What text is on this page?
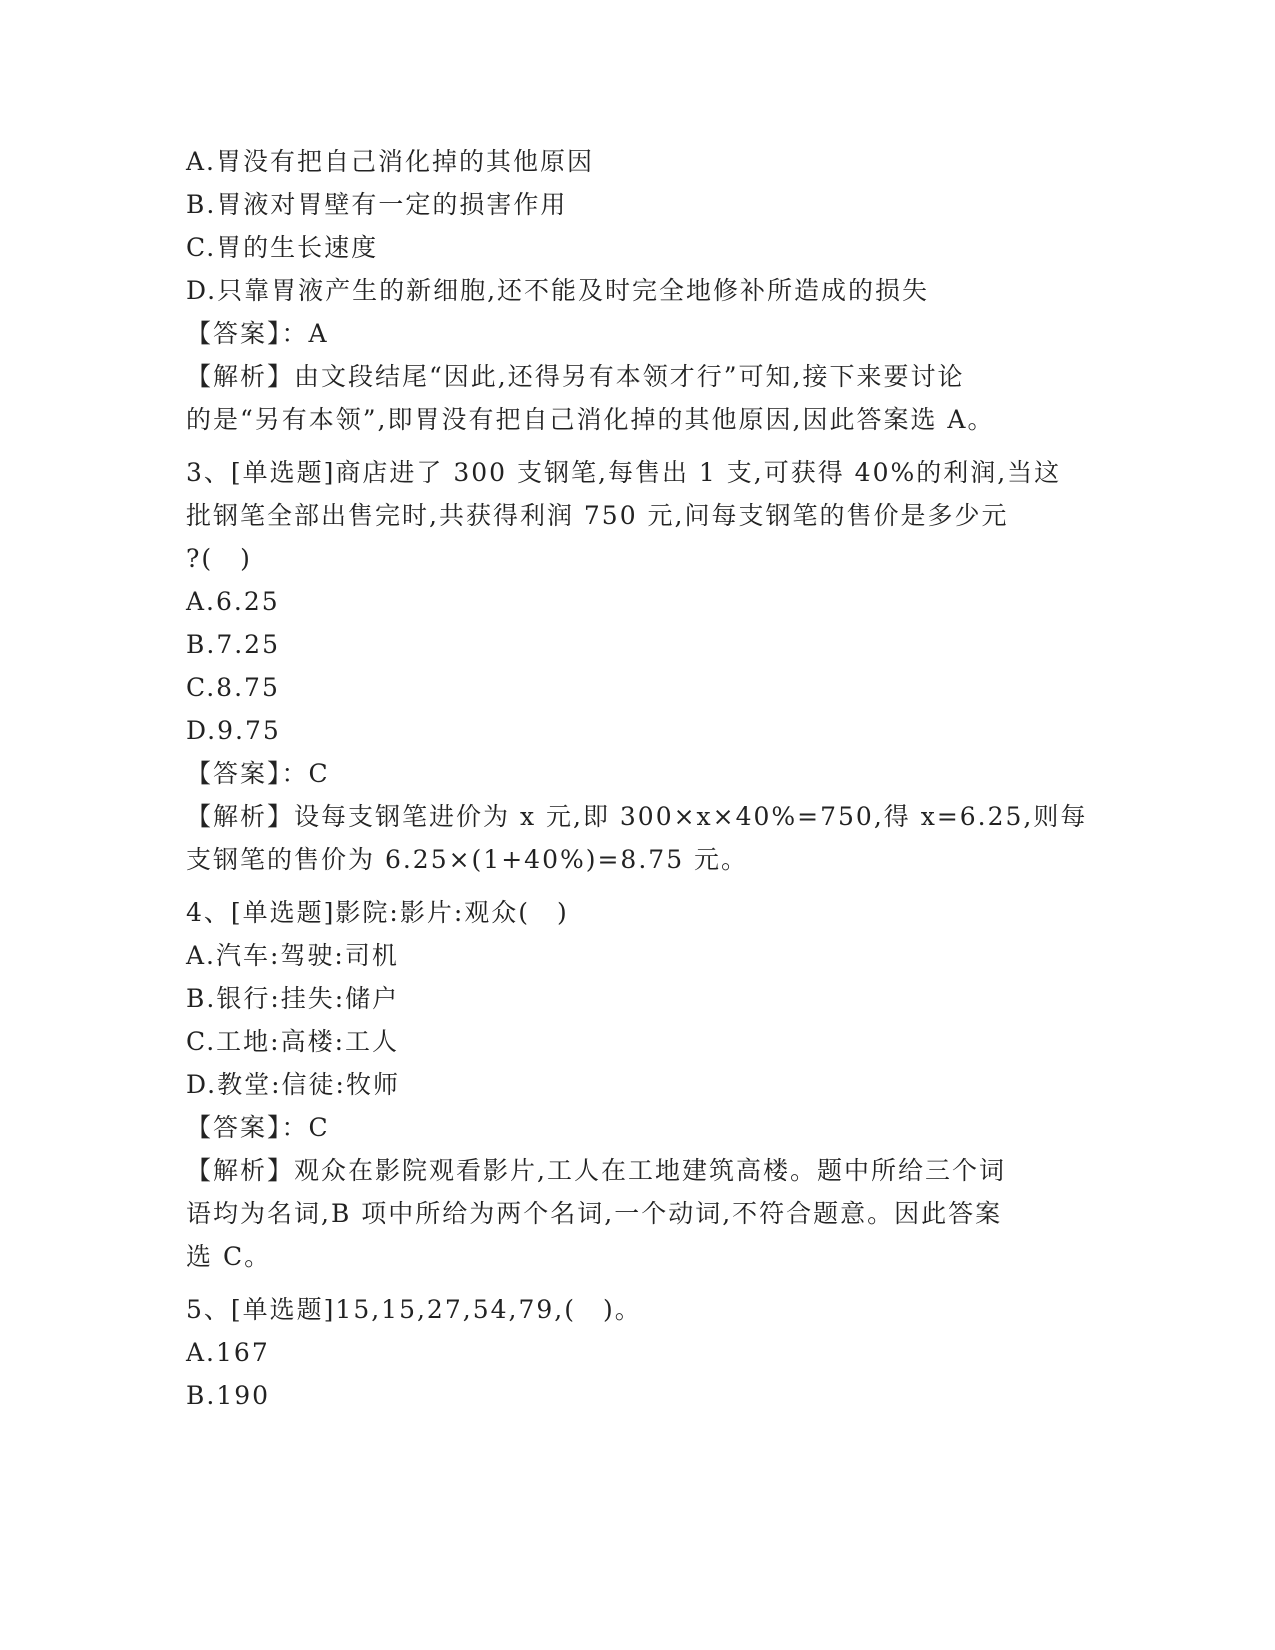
A.胃没有把自己消化掉的其他原因
B.胃液对胃壁有一定的损害作用
C.胃的生长速度
D.只靠胃液产生的新细胞,还不能及时完全地修补所造成的损失
【答案】：A
【解析】由文段结尾“因此,还得另有本领才行”可知,接下来要讨论
的是“另有本领”,即胃没有把自己消化掉的其他原因,因此答案选 A。
3、[单选题]商店进了 300 支钢笔,每售出 1 支,可获得 40%的利润,当这
批钢笔全部出售完时,共获得利润 750 元,问每支钢笔的售价是多少元
?(　)
A.6.25
B.7.25
C.8.75
D.9.75
【答案】：C
【解析】设每支钢笔进价为 x 元,即 300×x×40%=750,得 x=6.25,则每
支钢笔的售价为 6.25×(1+40%)=8.75 元。
4、[单选题]影院:影片:观众(　)
A.汽车:驾驶:司机
B.银行:挂失:储户
C.工地:高楼:工人
D.教堂:信徒:牧师
【答案】：C
【解析】观众在影院观看影片,工人在工地建筑高楼。题中所给三个词
语均为名词,B 项中所给为两个名词,一个动词,不符合题意。因此答案
选 C。
5、[单选题]15,15,27,54,79,(　)。
A.167
B.190
